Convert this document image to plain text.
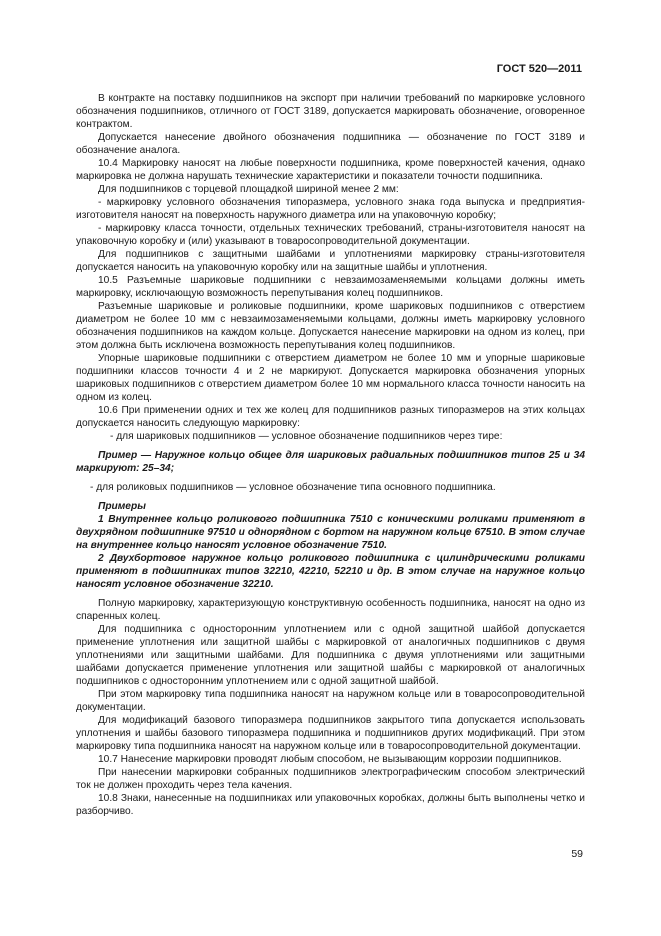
ГОСТ 520—2011

В контракте на поставку подшипников на экспорт при наличии требований по маркировке условного обозначения подшипников, отличного от ГОСТ 3189, допускается маркировать обозначение, оговоренное контрактом.

Допускается нанесение двойного обозначения подшипника — обозначение по ГОСТ 3189 и обозначение аналога.

10.4 Маркировку наносят на любые поверхности подшипника, кроме поверхностей качения, однако маркировка не должна нарушать технические характеристики и показатели точности подшипника.

Для подшипников с торцевой площадкой шириной менее 2 мм:

- маркировку условного обозначения типоразмера, условного знака года выпуска и предприятия-изготовителя наносят на поверхность наружного диаметра или на упаковочную коробку;

- маркировку класса точности, отдельных технических требований, страны-изготовителя наносят на упаковочную коробку и (или) указывают в товаросопроводительной документации.

Для подшипников с защитными шайбами и уплотнениями маркировку страны-изготовителя допускается наносить на упаковочную коробку или на защитные шайбы и уплотнения.

10.5 Разъемные шариковые подшипники с невзаимозаменяемыми кольцами должны иметь маркировку, исключающую возможность перепутывания колец подшипников.

Разъемные шариковые и роликовые подшипники, кроме шариковых подшипников с отверстием диаметром не более 10 мм с невзаимозаменяемыми кольцами, должны иметь маркировку условного обозначения подшипников на каждом кольце. Допускается нанесение маркировки на одном из колец, при этом должна быть исключена возможность перепутывания колец подшипников.

Упорные шариковые подшипники с отверстием диаметром не более 10 мм и упорные шариковые подшипники классов точности 4 и 2 не маркируют. Допускается маркировка обозначения упорных шариковых подшипников с отверстием диаметром более 10 мм нормального класса точности наносить на одном из колец.

10.6 При применении одних и тех же колец для подшипников разных типоразмеров на этих кольцах допускается наносить следующую маркировку:

- для шариковых подшипников — условное обозначение подшипников через тире:

Пример — Наружное кольцо общее для шариковых радиальных подшипников типов 25 и 34 маркируют: 25–34;

- для роликовых подшипников — условное обозначение типа основного подшипника.

Примеры

1 Внутреннее кольцо роликового подшипника 7510 с коническими роликами применяют в двухрядном подшипнике 97510 и однорядном с бортом на наружном кольце 67510. В этом случае на внутреннее кольцо наносят условное обозначение 7510.

2 Двухбортовое наружное кольцо роликового подшипника с цилиндрическими роликами применяют в подшипниках типов 32210, 42210, 52210 и др. В этом случае на наружное кольцо наносят условное обозначение 32210.

Полную маркировку, характеризующую конструктивную особенность подшипника, наносят на одно из спаренных колец.

Для подшипника с односторонним уплотнением или с одной защитной шайбой допускается применение уплотнения или защитной шайбы с маркировкой от аналогичных подшипников с двумя уплотнениями или защитными шайбами. Для подшипника с двумя уплотнениями или защитными шайбами допускается применение уплотнения или защитной шайбы с маркировкой от аналогичных подшипников с односторонним уплотнением или с одной защитной шайбой.

При этом маркировку типа подшипника наносят на наружном кольце или в товаросопроводительной документации.

Для модификаций базового типоразмера подшипников закрытого типа допускается использовать уплотнения и шайбы базового типоразмера подшипника и подшипников других модификаций. При этом маркировку типа подшипника наносят на наружном кольце или в товаросопроводительной документации.

10.7 Нанесение маркировки проводят любым способом, не вызывающим коррозии подшипников.

При нанесении маркировки собранных подшипников электрографическим способом электрический ток не должен проходить через тела качения.

10.8 Знаки, нанесенные на подшипниках или упаковочных коробках, должны быть выполнены четко и разборчиво.

59
